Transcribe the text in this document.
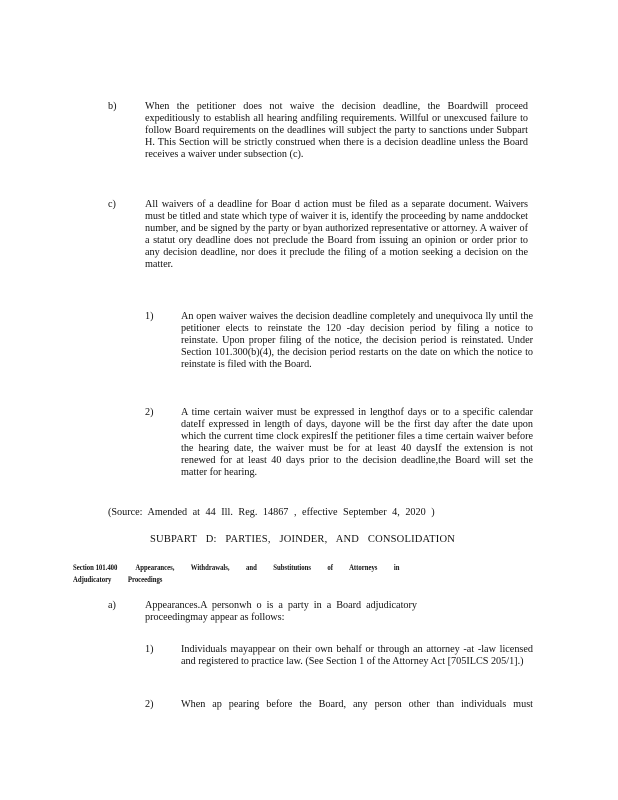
b)	When the petitioner does not waive the decision deadline, the Boardwill proceed expeditiously to establish all hearing andfiling requirements. Willful or unexcused failure to follow Board requirements on the deadlines will subject the party to sanctions under Subpart H. This Section will be strictly construed when there is a decision deadline unless the Board receives a waiver under subsection (c).
c)	All waivers of a deadline for Boar d action must be filed as a separate document. Waivers must be titled and state which type of waiver it is, identify the proceeding by name anddocket number, and be signed by the party or byan authorized representative or attorney. A waiver of a statut ory deadline does not preclude the Board from issuing an opinion or order prior to any decision deadline, nor does it preclude the filing of a motion seeking a decision on the matter.
1)	An open waiver waives the decision deadline completely and unequivoca lly until the petitioner elects to reinstate the 120 -day decision period by filing a notice to reinstate. Upon proper filing of the notice, the decision period is reinstated. Under Section 101.300(b)(4), the decision period restarts on the date on which the notice to reinstate is filed with the Board.
2)	A time certain waiver must be expressed in lengthof days or to a specific calendar dateIf expressed in length of days, dayone will be the first day after the date upon which the current time clock expiresIf the petitioner files a time certain waiver before the hearing date, the waiver must be for at least 40 daysIf the extension is not renewed for at least 40 days prior to the decision deadline,the Board will set the matter for hearing.
(Source: Amended at 44 Ill. Reg. 14867 , effective September 4, 2020 )
SUBPART D: PARTIES, JOINDER, AND CONSOLIDATION
Section 101.400 Appearances, Withdrawals, and Substitutions of Attorneys in Adjudicatory Proceedings
a)	Appearances.A personwh o is a party in a Board adjudicatory proceedingmay appear as follows:
1)	Individuals mayappear on their own behalf or through an attorney -at -law licensed and registered to practice law. (See Section 1 of the Attorney Act [705ILCS 205/1].)
2)	When ap pearing before the Board, any person other than individuals must
